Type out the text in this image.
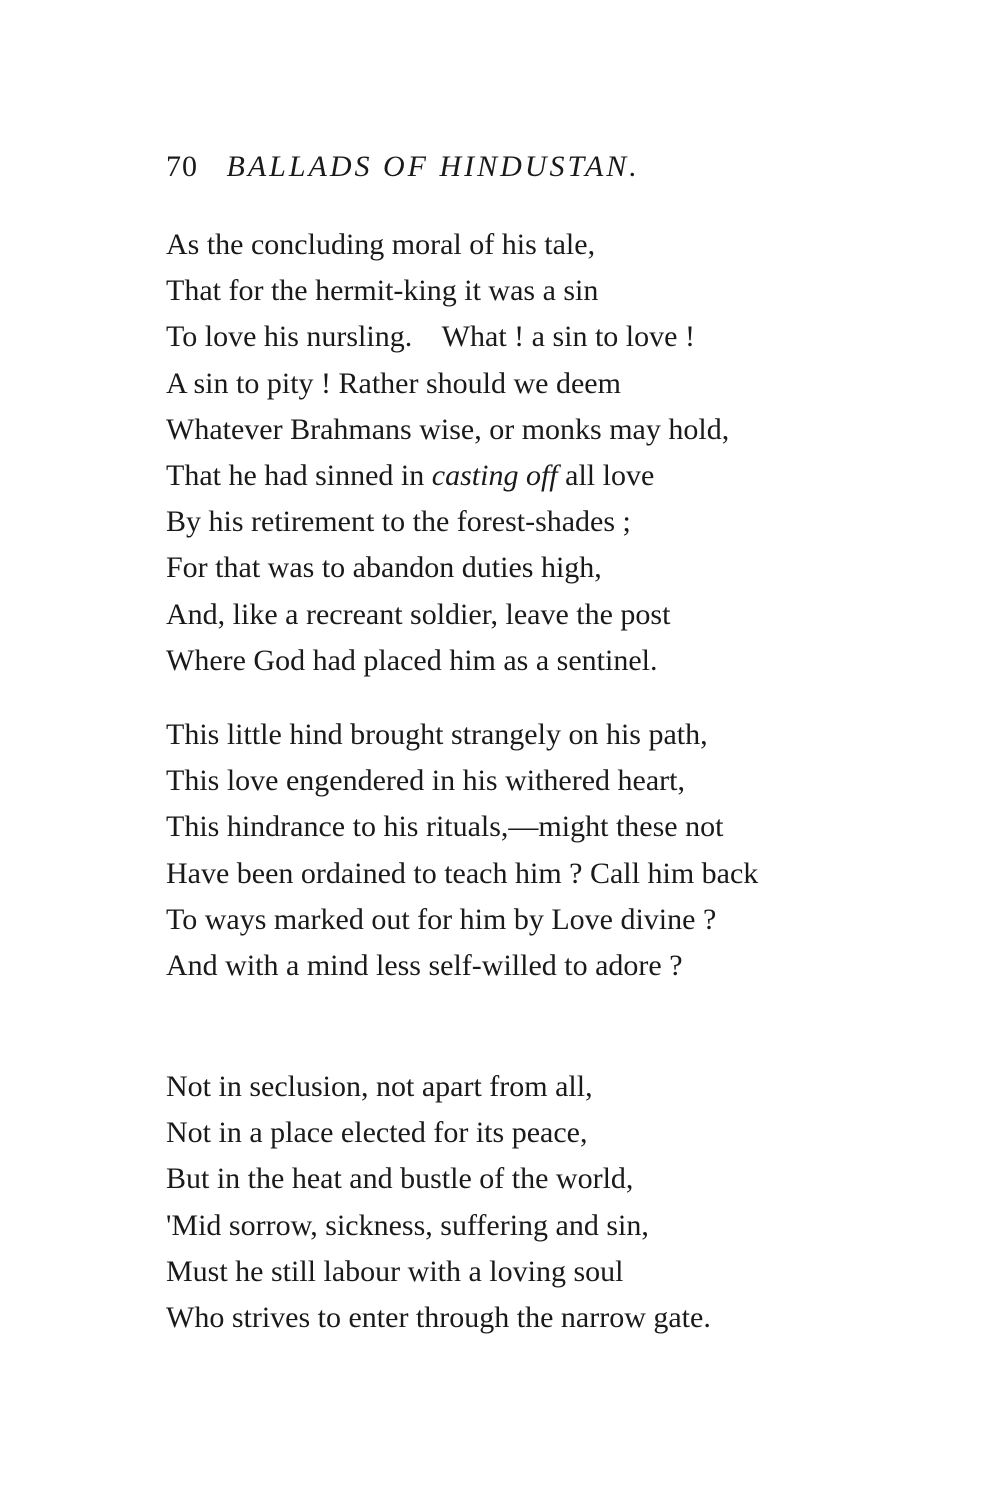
70 BALLADS OF HINDUSTAN.
As the concluding moral of his tale,
That for the hermit-king it was a sin
To love his nursling.    What ! a sin to love !
A sin to pity ! Rather should we deem
Whatever Brahmans wise, or monks may hold,
That he had sinned in casting off all love
By his retirement to the forest-shades ;
For that was to abandon duties high,
And, like a recreant soldier, leave the post
Where God had placed him as a sentinel.
This little hind brought strangely on his path,
This love engendered in his withered heart,
This hindrance to his rituals,—might these not
Have been ordained to teach him ? Call him back
To ways marked out for him by Love divine ?
And with a mind less self-willed to adore ?
Not in seclusion, not apart from all,
Not in a place elected for its peace,
But in the heat and bustle of the world,
'Mid sorrow, sickness, suffering and sin,
Must he still labour with a loving soul
Who strives to enter through the narrow gate.
